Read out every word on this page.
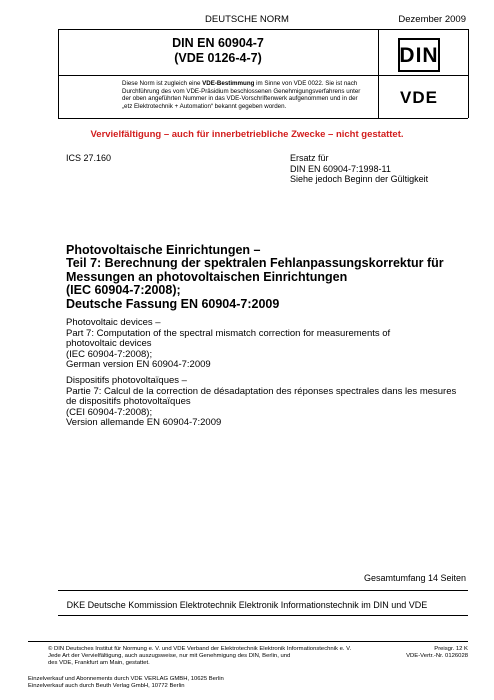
DEUTSCHE NORM	Dezember 2009
DIN EN 60904-7
(VDE 0126-4-7)	DIN
Diese Norm ist zugleich eine VDE-Bestimmung im Sinne von VDE 0022. Sie ist nach
Durchführung des vom VDE-Präsidium beschlossenen Genehmigungsverfahrens unter
der oben angeführten Nummer in das VDE-Vorschriftenwerk aufgenommen und in der
„etz Elektrotechnik + Automation“ bekannt gegeben worden.	VDE
Vervielfältigung – auch für innerbetriebliche Zwecke – nicht gestattet.
ICS 27.160	Ersatz für
DIN EN 60904-7:1998-11
Siehe jedoch Beginn der Gültigkeit
Photovoltaische Einrichtungen –
Teil 7: Berechnung der spektralen Fehlanpassungskorrektur für
Messungen an photovoltaischen Einrichtungen
(IEC 60904-7:2008);
Deutsche Fassung EN 60904-7:2009
Photovoltaic devices –
Part 7: Computation of the spectral mismatch correction for measurements of
photovoltaic devices
(IEC 60904-7:2008);
German version EN 60904-7:2009
Dispositifs photovoltaïques –
Partie 7: Calcul de la correction de désadaptation des réponses spectrales dans les mesures
de dispositifs photovoltaïques
(CEI 60904-7:2008);
Version allemande EN 60904-7:2009
Gesamtumfang 14 Seiten
DKE Deutsche Kommission Elektrotechnik Elektronik Informationstechnik im DIN und VDE
© DIN Deutsches Institut für Normung e. V. und VDE Verband der Elektrotechnik Elektronik Informationstechnik e. V.
Jede Art der Vervielfältigung, auch auszugsweise, nur mit Genehmigung des DIN, Berlin, und
des VDE, Frankfurt am Main, gestattet.
Preisgr. 12 K
VDE-Vertr.-Nr. 0126028
Einzelverkauf und Abonnements durch VDE VERLAG GMBH, 10625 Berlin
Einzelverkauf auch durch Beuth Verlag GmbH, 10772 Berlin
